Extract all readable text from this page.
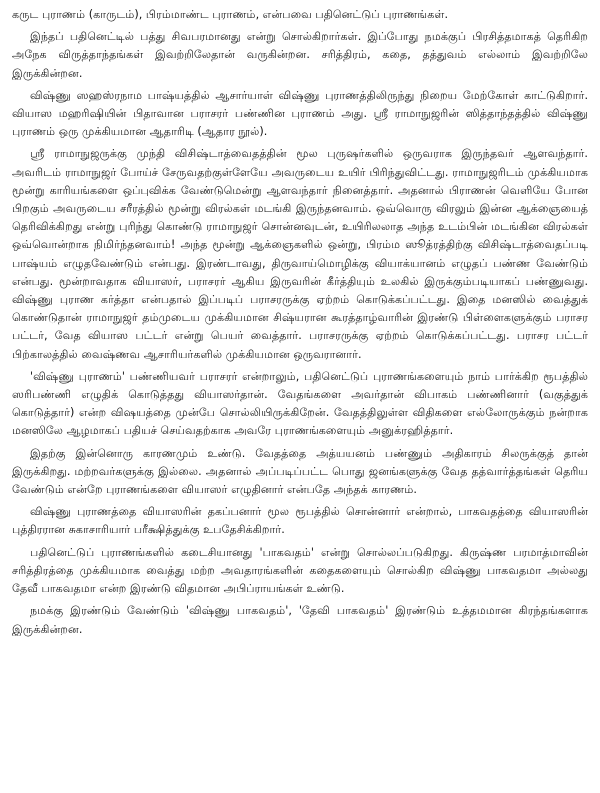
கருட புராணம் (காருடம்), பிரம்மாண்ட புராணம், என்பவை பதினெட்டுப் புராணங்கள்.

இந்தப் பதினெட்டில் பத்து சிவபரமானது என்று சொல்கிறார்கள். இப்போது நமக்குப் பிரசித்தமாகத் தெரிகிற அநேக விருத்தாந்தங்கள் இவற்றிலேதான் வருகின்றன. சரித்திரம், கதை, தத்துவம் எல்லாம் இவற்றிலே இருக்கின்றன.

விஷ்ணு ஸஹஸ்ரநாம பாஷ்யத்தில் ஆசார்யாள் விஷ்ணு புராணத்திலிருந்து நிறைய மேற்கோள் காட்டுகிறார். வியாஸ மஹரிஷியின் பிதாவான பராசரர் பண்ணின புராணம் அது. ஸ்ரீ ராமாநுஜரின் ஸித்தாந்தத்தில் விஷ்ணு புராணம் ஒரு முக்கியமான ஆதாரிடி (ஆதார நூல்).

ஸ்ரீ ராமாநுஜருக்கு முந்தி விசிஷ்டாத்வைதத்தின் மூல புருஷர்களில் ஒருவராக இருந்தவர் ஆளவந்தார். அவரிடம் ராமாநுஜர் போய்ச் சேருவதற்குள்ளேயே அவருடைய உயிர் பிரிந்துவிட்டது. ராமாநுஜரிடம் முக்கியமாக மூன்று காரியங்களை ஒப்புவிக்க வேண்டுமென்று ஆளவந்தார் நினைத்தார். அதனால் பிராணன் வெளியே போன பிறகும் அவருடைய சரீரத்தில் மூன்று விரல்கள் மடங்கி இருந்தனவாம். ஒவ்வொரு விரலும் இன்ன ஆக்ஞையைத் தெரிவிக்கிறது என்று புரிந்து கொண்டு ராமாநுஜர் சொன்னவுடன், உயிரிலலாத அந்த உடம்பின் மடங்கின விரல்கள் ஒவ்வொன்றாக நிமிர்ந்தனவாம்! அந்த மூன்று ஆக்ஞைகளில் ஒன்று, பிரம்ம ஸூத்ரத்திற்கு விசிஷ்டாத்வைதப்படி பாஷ்யம் எழுதவேண்டும் என்பது. இரண்டாவது, திருவாய்மொழிக்கு வியாக்யானம் எழுதப் பண்ண வேண்டும் என்பது. மூன்றாவதாக வியாஸர், பராசரர் ஆகிய இருவரின் கீர்த்தியும் உலகில் இருக்கும்படியாகப் பண்ணுவது. விஷ்ணு புராண கர்த்தா என்பதால் இப்படிப் பராசரருக்கு ஏற்றம் கொடுக்கப்பட்டது. இதை மனஸில் வைத்துக் கொண்டுதான் ராமாநுஜர் தம்முடைய முக்கியமான சிஷ்யரான கூரத்தாழ்வாரின் இரண்டு பிள்ளைகளுக்கும் பராசர பட்டர், வேத வியாஸ பட்டர் என்று பெயர் வைத்தார். பராசரருக்கு ஏற்றம் கொடுக்கப்பட்டது. பராசர பட்டர் பிற்காலத்தில் வைஷ்ணவ ஆசாரியர்களில் முக்கியமான ஒருவரானார்.

'விஷ்ணு புராணம்' பண்ணியவர் பராசரர் என்றாலும், பதினெட்டுப் புராணங்களையும் நாம் பார்க்கிற ரூபத்தில் ஸரிபண்ணி எழுதிக் கொடுத்தது வியாஸர்தான். வேதங்களை அவர்தான் விபாகம் பண்ணினார் (வகுத்துக் கொடுத்தார்) என்ற விஷயத்தை முன்பே சொல்லியிருக்கிறேன். வேதத்திலுள்ள விதிகளை எல்லோருக்கும் நன்றாக மனஸிலே ஆழமாகப் பதியச் செய்வதற்காக அவரே புராணங்களையும் அனுக்ரஹித்தார்.

இதற்கு இன்னொரு காரணமும் உண்டு. வேதத்தை அத்யயனம் பண்ணும் அதிகாரம் சிலருக்குத் தான் இருக்கிறது. மற்றவர்களுக்கு இல்லை. அதனால் அப்படிப்பட்ட பொது ஜனங்களுக்கு வேத தத்வார்த்தங்கள் தெரிய வேண்டும் என்றே புராணங்களை வியாஸர் எழுதினார் என்பதே அந்தக் காரணம்.

விஷ்ணு புராணத்தை வியாஸரின் தகப்பனார் மூல ரூபத்தில் சொன்னார் என்றால், பாகவதத்தை வியாஸரின் புத்திரரான சுகாசாரியார் பரீக்ஷித்துக்கு உபதேசிக்கிறார்.

பதினெட்டுப் புராணங்களில் கடைசியானது 'பாகவதம்' என்று சொல்லப்படுகிறது. கிருஷ்ண பரமாத்மாவின் சரித்திரத்தை முக்கியமாக வைத்து மற்ற அவதாரங்களின் கதைகளையும் சொல்கிற விஷ்ணு பாகவதமா அல்லது தேவீ பாகவதமா என்ற இரண்டு விதமான அபிப்ராயங்கள் உண்டு.

நமக்கு இரண்டும் வேண்டும் 'விஷ்ணு பாகவதம்', 'தேவி பாகவதம்' இரண்டும் உத்தமமான கிரந்தங்களாக இருக்கின்றன.
